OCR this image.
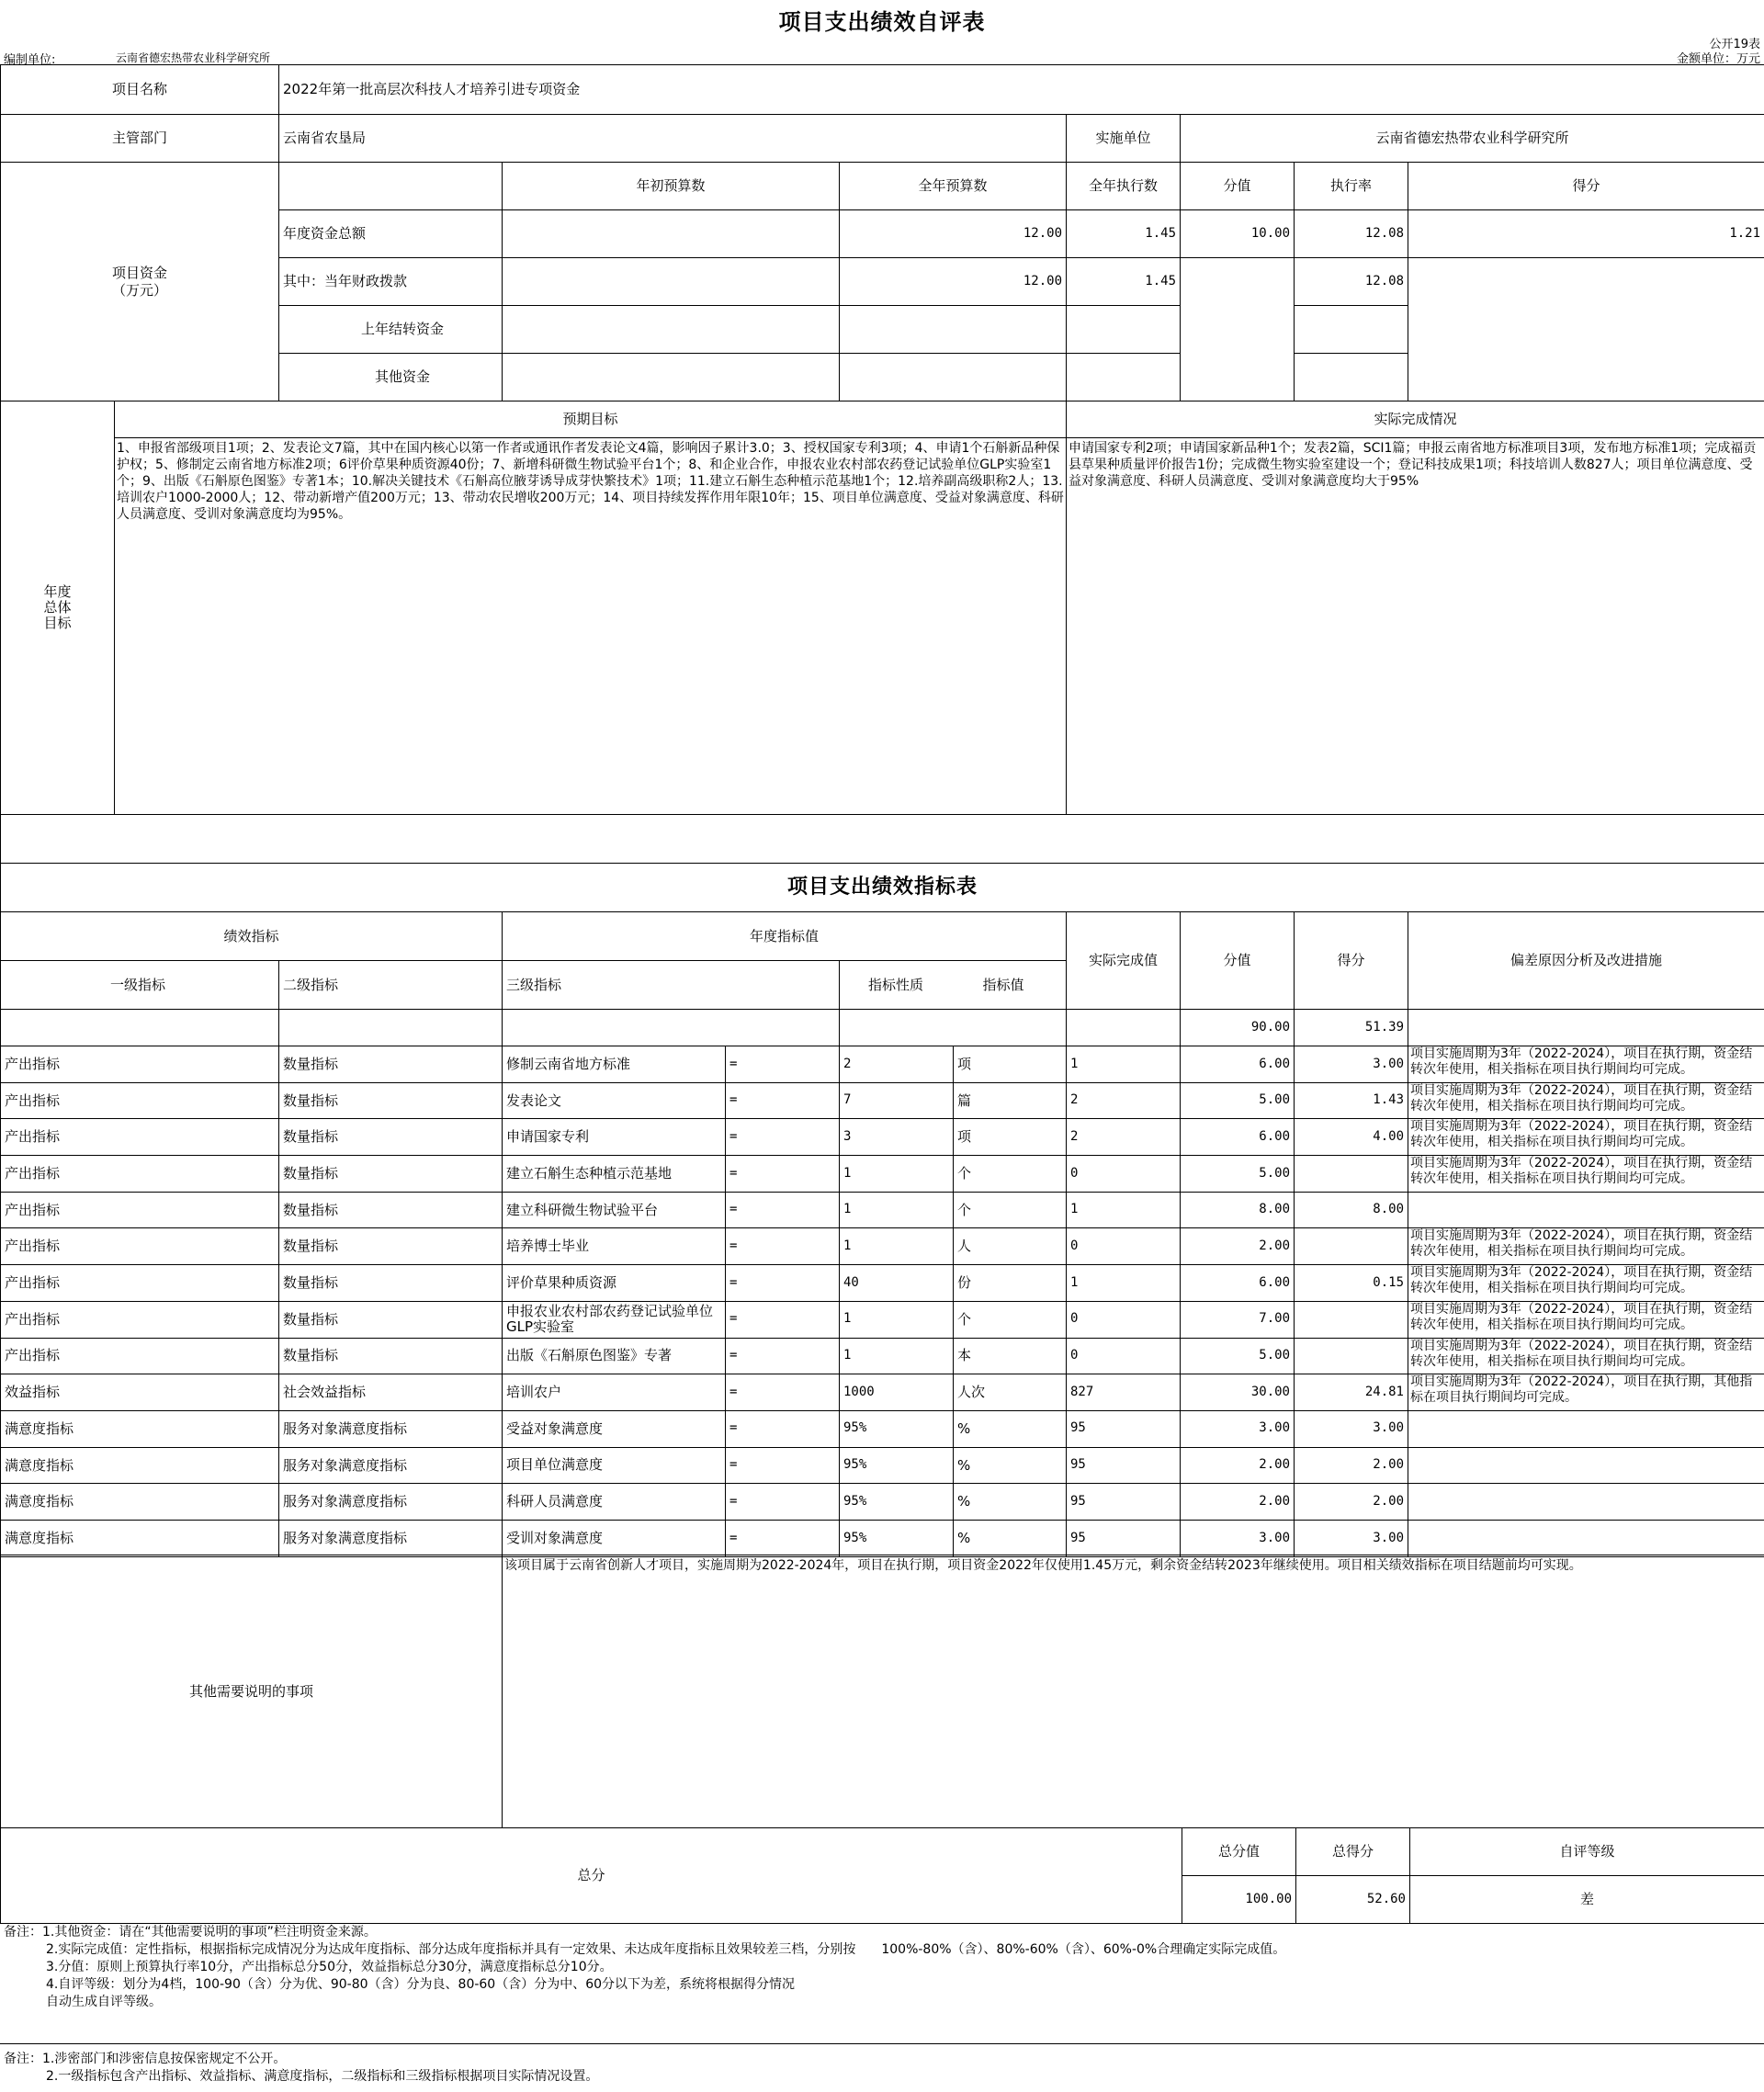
项目支出绩效自评表
编制单位:	云南省德宏热带农业科学研究所
公开19表
金额单位：万元
项目名称		2022年第一批高层次科技人才培养引进专项资金						
主管部门		云南省农垦局			实施单位	云南省德宏热带农业科学研究所		
项目资金（万元）			年初预算数	全年预算数	全年执行数	分值	执行率	得分
		年度资金总额		12.00	1.45	10.00	12.08	1.21
		其中：当年财政拨款		12.00	1.45		12.08	
		上年结转资金						
		其他资金						
年度总体目标	预期目标				实际完成情况			
	1、申报省部级项目1项；2、发表论文7篇，其中在国内核心以第一作者或通讯作者发表论文4篇，影响因子累计3.0；3、授权国家专利3项；4、申请1个石斛新品种保护权；5、修制定云南省地方标准2项；6评价草果种质资源40份；7、新增科研微生物试验平台1个；8、和企业合作，申报农业农村部农药登记试验单位GLP实验室1个；9、出版《石斛原色图鉴》专著1本；10.解决关键技术《石斛高位腋芽诱导成芽快繁技术》1项；11.建立石斛生态种植示范基地1个；12.培养副高级职称2人；13.培训农户1000-2000人；12、带动新增产值200万元；13、带动农民增收200万元；14、项目持续发挥作用年限10年；15、项目单位满意度、受益对象满意度、科研人员满意度、受训对象满意度均为95%。				申请国家专利2项；申请国家新品种1个；发表2篇，SCI1篇；申报云南省地方标准项目3项，发布地方标准1项；完成福贡县草果种质量评价报告1份；完成微生物实验室建设一个；登记科技成果1项；科技培训人数827人；项目单位满意度、受益对象满意度、科研人员满意度、受训对象满意度均大于95%			

项目支出绩效指标表								
绩效指标			年度指标值		实际完成值	分值	得分	偏差原因分析及改进措施
一级指标		二级指标	三级指标	指标性质 指标值				
						90.00	51.39	
产出指标	数量指标	修制云南省地方标准	=	2	项	1	6.00	3.00	项目实施周期为3年（2022-2024），项目在执行期，资金结转次年使用，相关指标在项目执行期间均可完成。
产出指标	数量指标	发表论文	=	7	篇	2	5.00	1.43	项目实施周期为3年（2022-2024），项目在执行期，资金结转次年使用，相关指标在项目执行期间均可完成。
产出指标	数量指标	申请国家专利	=	3	项	2	6.00	4.00	项目实施周期为3年（2022-2024），项目在执行期，资金结转次年使用，相关指标在项目执行期间均可完成。
产出指标	数量指标	建立石斛生态种植示范基地	=	1	个	0	5.00		项目实施周期为3年（2022-2024），项目在执行期，资金结转次年使用，相关指标在项目执行期间均可完成。
产出指标	数量指标	建立科研微生物试验平台	=	1	个	1	8.00	8.00	
产出指标	数量指标	培养博士毕业	=	1	人	0	2.00		项目实施周期为3年（2022-2024），项目在执行期，资金结转次年使用，相关指标在项目执行期间均可完成。
产出指标	数量指标	评价草果种质资源	=	40	份	1	6.00	0.15	项目实施周期为3年（2022-2024），项目在执行期，资金结转次年使用，相关指标在项目执行期间均可完成。
产出指标	数量指标	申报农业农村部农药登记试验单位GLP实验室	=	1	个	0	7.00		项目实施周期为3年（2022-2024），项目在执行期，资金结转次年使用，相关指标在项目执行期间均可完成。
产出指标	数量指标	出版《石斛原色图鉴》专著	=	1	本	0	5.00		项目实施周期为3年（2022-2024），项目在执行期，资金结转次年使用，相关指标在项目执行期间均可完成。
效益指标	社会效益指标	培训农户	=	1000	人次	827	30.00	24.81	项目实施周期为3年（2022-2024），项目在执行期，其他指标在项目执行期间均可完成。
满意度指标	服务对象满意度指标	受益对象满意度	=	95%	%	95	3.00	3.00	
满意度指标	服务对象满意度指标	项目单位满意度	=	95%	%	95	2.00	2.00	
满意度指标	服务对象满意度指标	科研人员满意度	=	95%	%	95	2.00	2.00	
满意度指标	服务对象满意度指标	受训对象满意度	=	95%	%	95	3.00	3.00	
其他需要说明的事项	该项目属于云南省创新人才项目，实施周期为2022-2024年，项目在执行期，项目资金2022年仅使用1.45万元，剩余资金结转2023年继续使用。项目相关绩效指标在项目结题前均可实现。			
总分		总分值	总得分	自评等级
		100.00	52.60	差
备注：1.其他资金：请在“其他需要说明的事项”栏注明资金来源。
2.实际完成值：定性指标，根据指标完成情况分为达成年度指标、部分达成年度指标并具有一定效果、未达成年度指标且效果较差三档，分别按　　100%-80%（含）、80%-60%（含）、60%-0%合理确定实际完成值。
3.分值：原则上预算执行率10分，产出指标总分50分，效益指标总分30分，满意度指标总分10分。
4.自评等级：划分为4档，100-90（含）分为优、90-80（含）分为良、80-60（含）分为中、60分以下为差，系统将根据得分情况
自动生成自评等级。
备注：1.涉密部门和涉密信息按保密规定不公开。
2.一级指标包含产出指标、效益指标、满意度指标，二级指标和三级指标根据项目实际情况设置。
